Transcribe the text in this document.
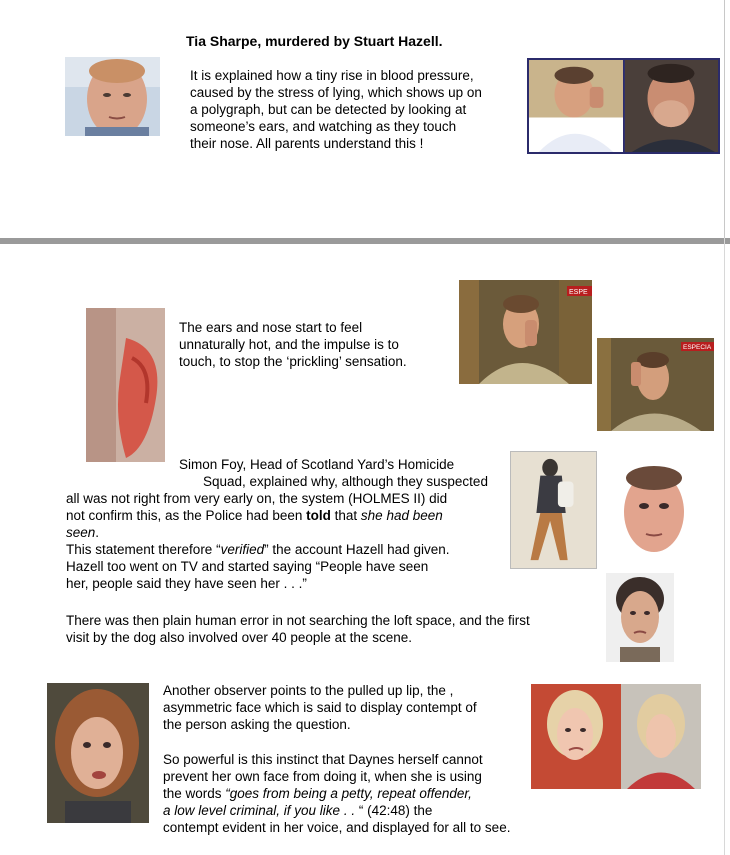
Tia Sharpe, murdered by Stuart Hazell.
It is explained how a tiny rise in blood pressure,
caused by the stress of lying, which shows up on
a polygraph, but can be detected by looking at
someone’s ears, and watching as they touch
their nose. All parents understand this !
The ears and nose start to feel
unnaturally hot, and the impulse is to
touch, to stop the ‘prickling’ sensation.
ESPE
ESPECIA
Simon Foy, Head of Scotland Yard’s Homicide
Squad, explained why, although they suspected
all was not right from very early on, the system (HOLMES II) did
not confirm this, as the Police had been told that she had been
seen.
This statement therefore “verified” the account Hazell had given.
Hazell too went on TV and started saying “People have seen
her, people said they have seen her . . .”
There was then plain human error in not searching the loft space, and the first
visit by the dog also involved over 40 people at the scene.
Another observer points to the pulled up lip, the ,
asymmetric face which is said to display contempt of
the person asking the question.
So powerful is this instinct that Daynes herself cannot
prevent her own face from doing it, when she is using
the words “goes from being a petty, repeat offender,
a low level criminal, if you like . . “ (42:48) the
contempt evident in her voice, and displayed for all to see.
